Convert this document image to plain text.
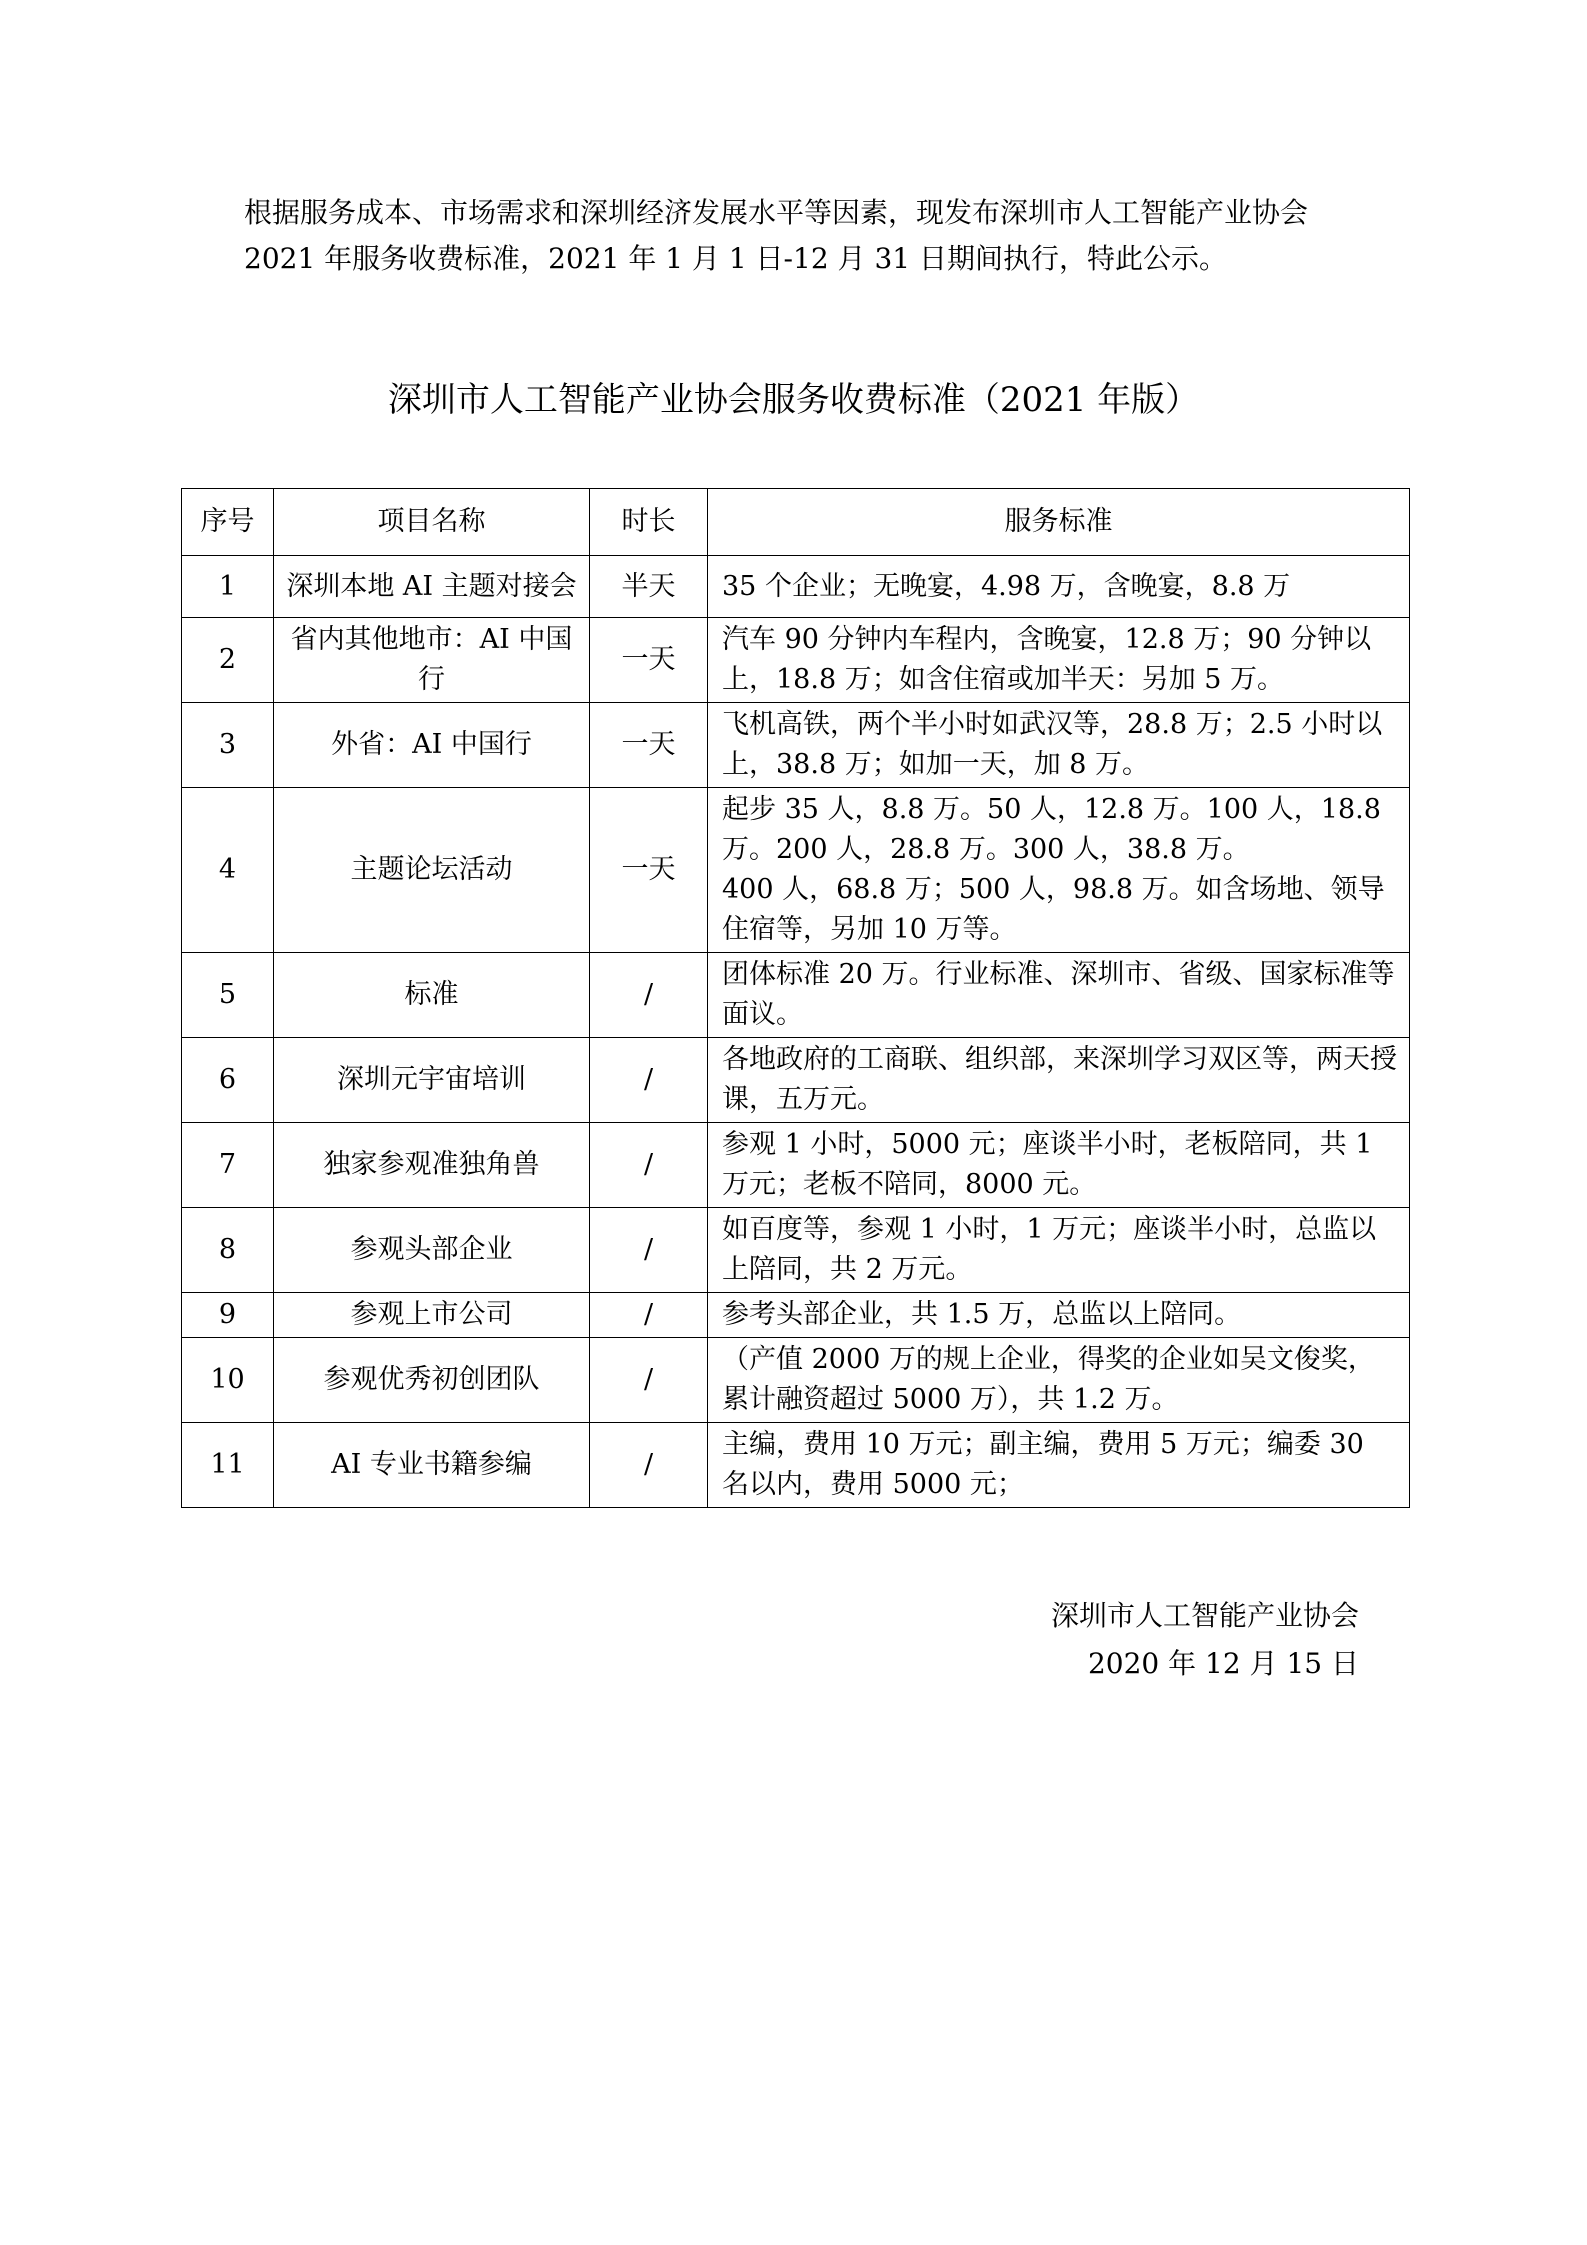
根据服务成本、市场需求和深圳经济发展水平等因素，现发布深圳市人工智能产业协会

2021 年服务收费标准，2021 年 1 月 1 日-12 月 31 日期间执行，特此公示。

深圳市人工智能产业协会服务收费标准（2021 年版）
序号	项目名称	时长	服务标准
1	深圳本地 AI 主题对接会	半天	35 个企业；无晚宴，4.98 万，含晚宴，8.8 万

2	省内其他地市：AI 中国行	一天	汽车 90 分钟内车程内，含晚宴，12.8 万；90 分钟以上，18.8 万；如含住宿或加半天：另加 5 万。

3	外省：AI 中国行	一天	飞机高铁，两个半小时如武汉等，28.8 万；2.5 小时以上，38.8 万；如加一天，加 8 万。

4	主题论坛活动	一天	起步 35 人，8.8 万。50 人，12.8 万。100 人，18.8 万。200 人，28.8 万。300 人，38.8 万。
400 人，68.8 万；500 人，98.8 万。如含场地、领导住宿等，另加 10 万等。

5	标准	/	团体标准 20 万。行业标准、深圳市、省级、国家标准等面议。

6	深圳元宇宙培训	/	各地政府的工商联、组织部，来深圳学习双区等，两天授课，五万元。

7	独家参观准独角兽	/	参观 1 小时，5000 元；座谈半小时，老板陪同，共 1 万元；老板不陪同，8000 元。

8	参观头部企业	/	如百度等，参观 1 小时，1 万元；座谈半小时，总监以上陪同，共 2 万元。

9	参观上市公司	/	参考头部企业，共 1.5 万，总监以上陪同。

10	参观优秀初创团队	/	（产值 2000 万的规上企业，得奖的企业如吴文俊奖，累计融资超过 5000 万），共 1.2 万。

11	AI 专业书籍参编	/	主编，费用 10 万元；副主编，费用 5 万元；编委 30 名以内，费用 5000 元；
深圳市人工智能产业协会
2020 年 12 月 15 日
